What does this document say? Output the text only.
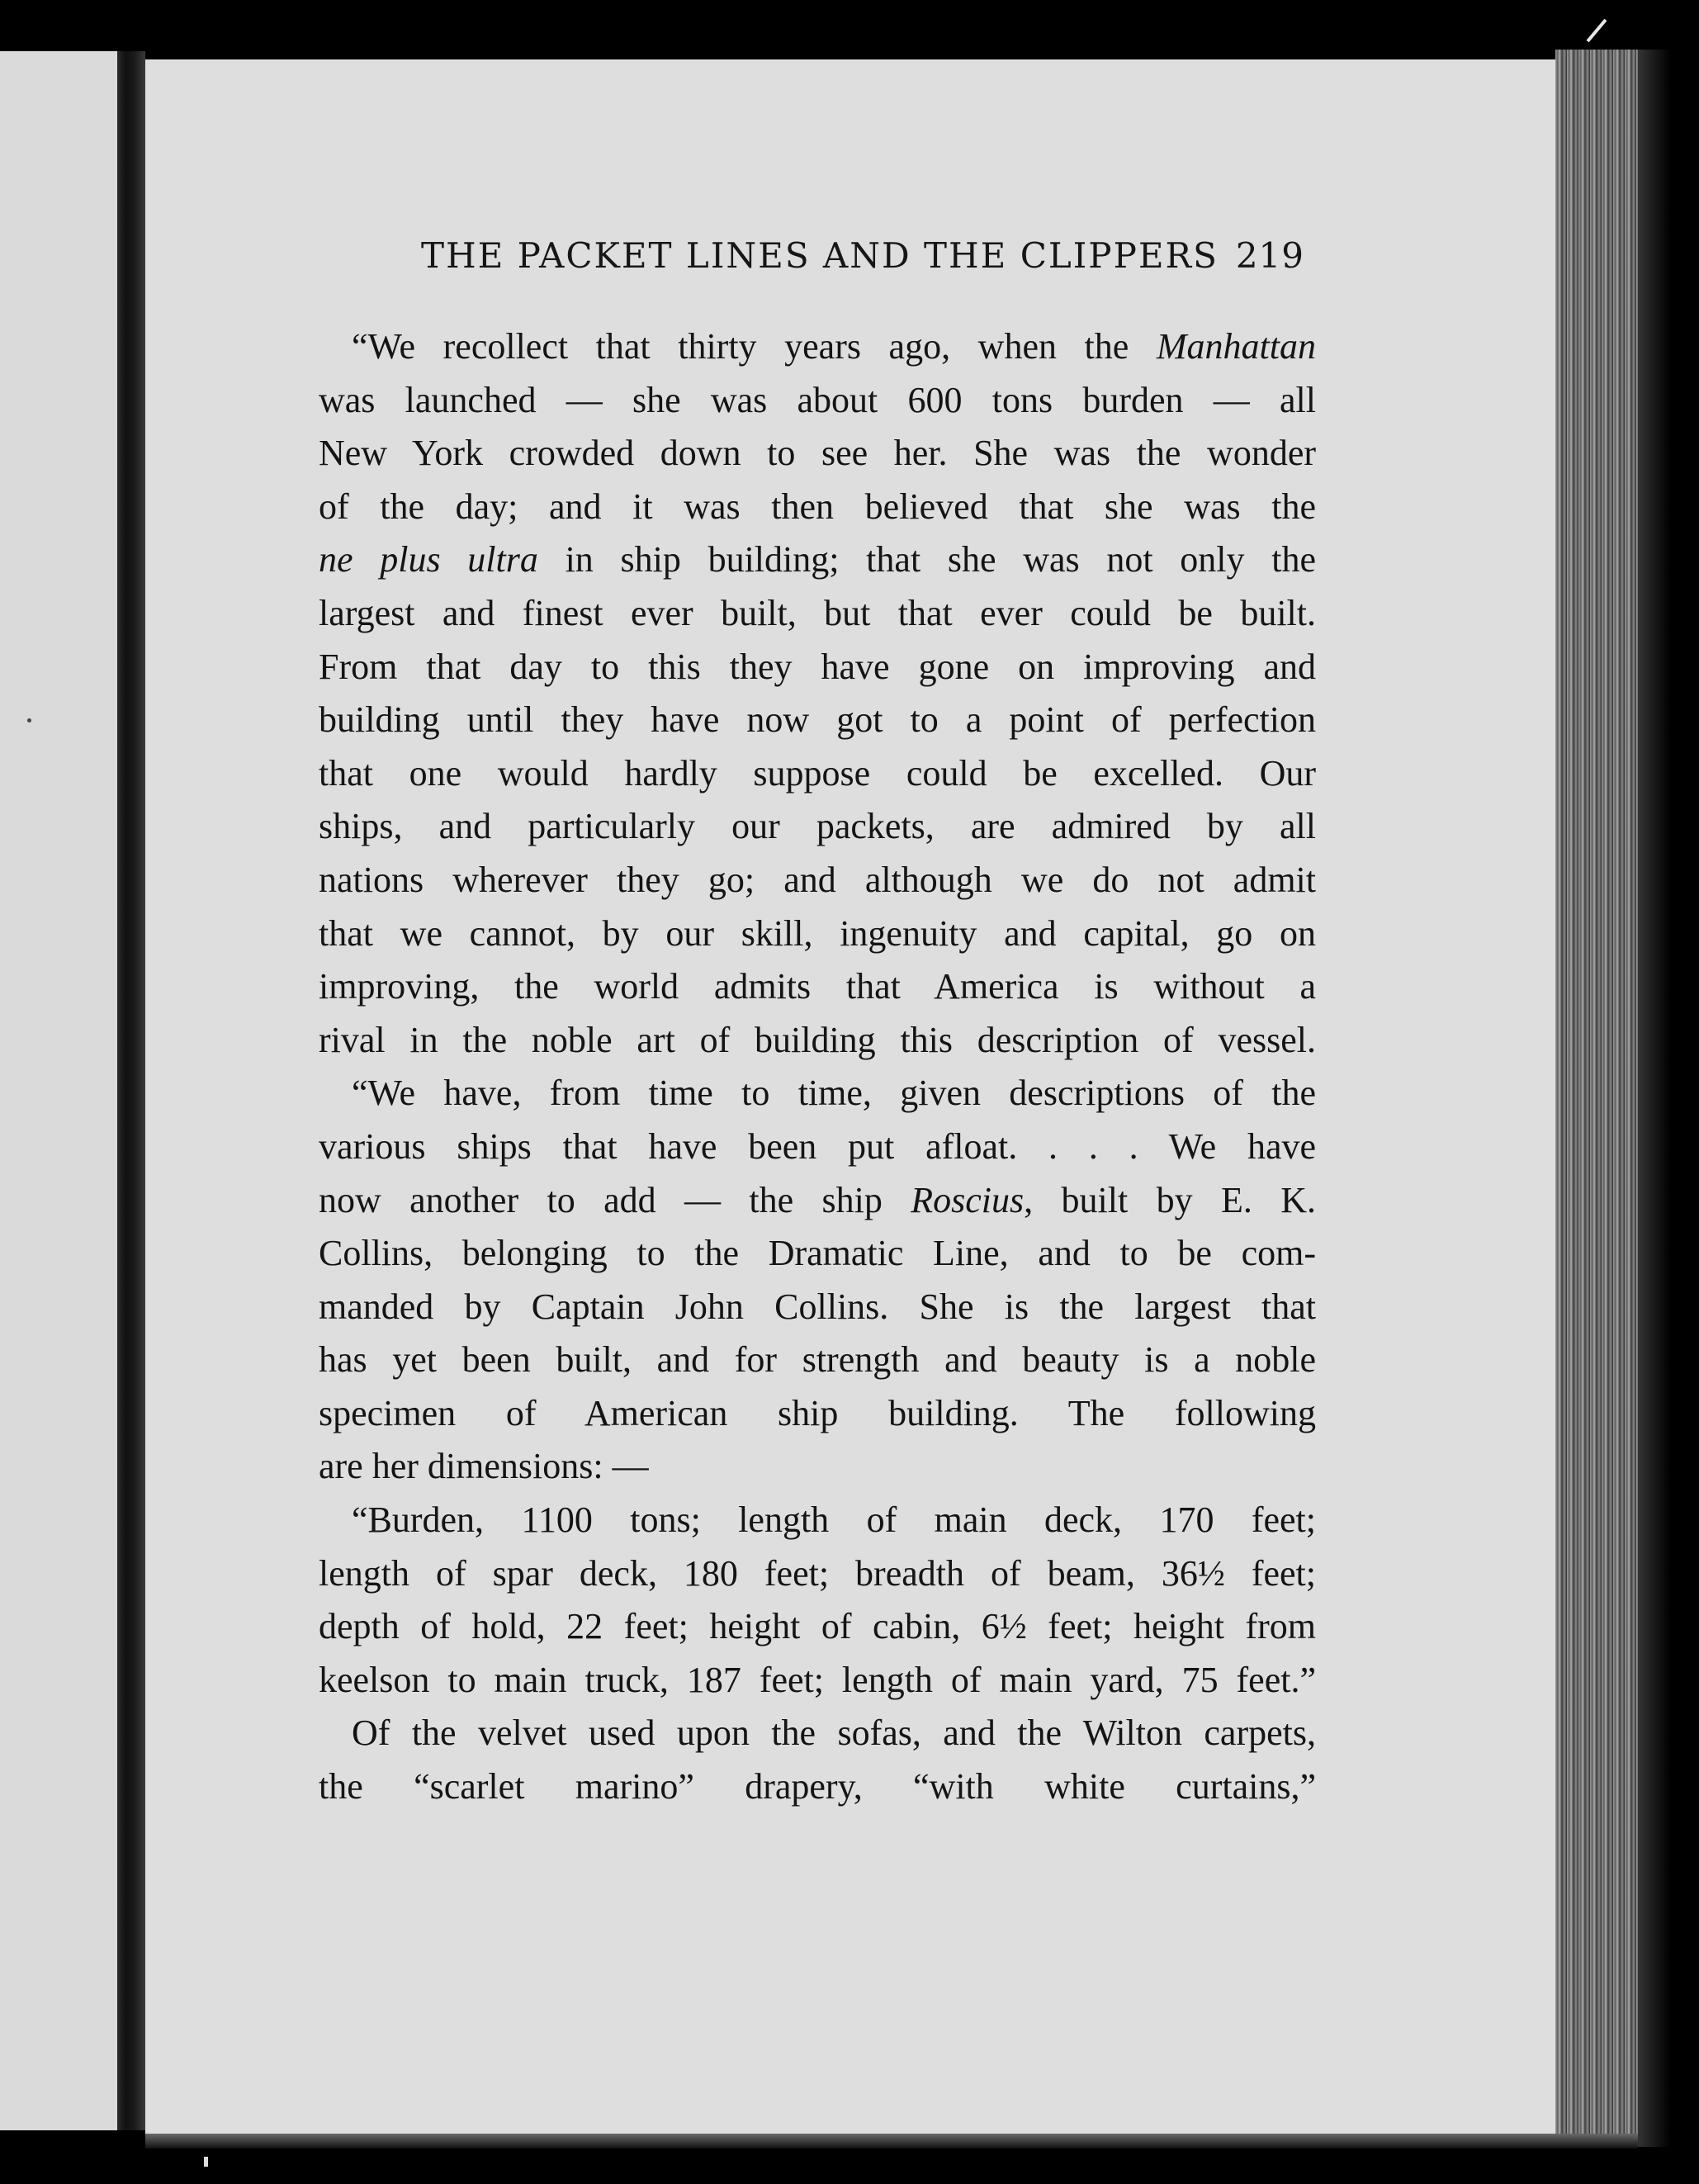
THE PACKET LINES AND THE CLIPPERS 219
“We recollect that thirty years ago, when the Manhattan
was launched — she was about 600 tons burden — all
New York crowded down to see her. She was the wonder
of the day; and it was then believed that she was the
ne plus ultra in ship building; that she was not only the
largest and finest ever built, but that ever could be built.
From that day to this they have gone on improving and
building until they have now got to a point of perfection
that one would hardly suppose could be excelled. Our
ships, and particularly our packets, are admired by all
nations wherever they go; and although we do not admit
that we cannot, by our skill, ingenuity and capital, go on
improving, the world admits that America is without a
rival in the noble art of building this description of vessel.
“We have, from time to time, given descriptions of the
various ships that have been put afloat. . . . We have
now another to add — the ship Roscius, built by E. K.
Collins, belonging to the Dramatic Line, and to be com-
manded by Captain John Collins. She is the largest that
has yet been built, and for strength and beauty is a noble
specimen of American ship building. The following
are her dimensions: —
“Burden, 1100 tons; length of main deck, 170 feet;
length of spar deck, 180 feet; breadth of beam, 36½ feet;
depth of hold, 22 feet; height of cabin, 6½ feet; height from
keelson to main truck, 187 feet; length of main yard, 75 feet.”
Of the velvet used upon the sofas, and the Wilton carpets,
the “scarlet marino” drapery, “with white curtains,”
